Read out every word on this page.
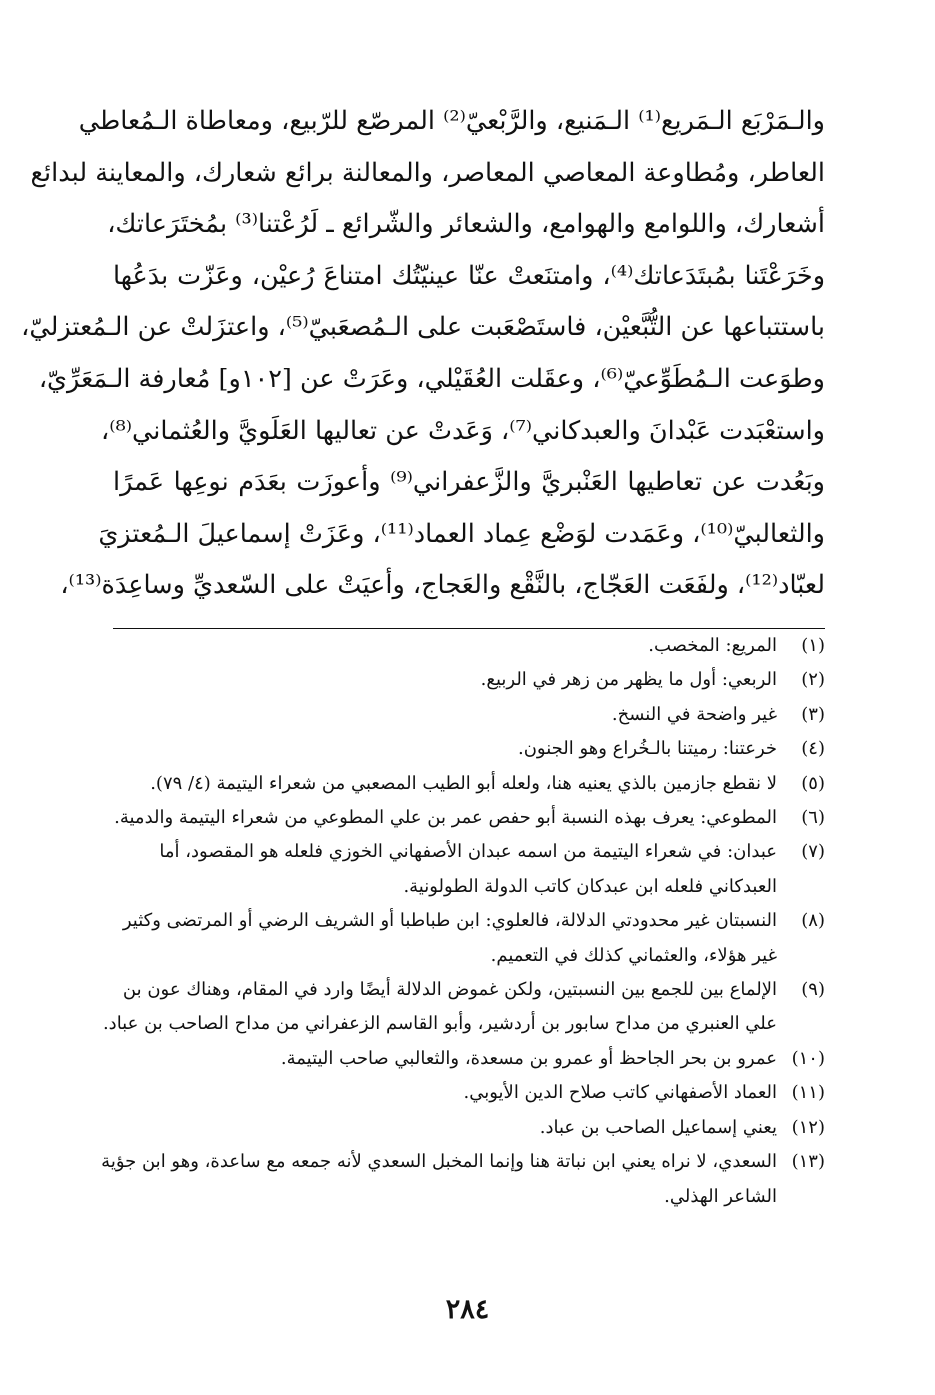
والـمَرْبَع الـمَريع⁽¹⁾ الـمَنيع، والرَّبْعيّ⁽²⁾ المرصّع للرّبيع، ومعاطاة الـمُعاطي
العاطر، ومُطاوعة المعاصي المعاصر، والمعالنة برائع شعارك، والمعاينة لبدائع
أشعارك، واللوامع والهوامع، والشعائر والشّرائع ـ لَرُعْتنا⁽³⁾ بمُختَرَعاتك،
وخَرَعْتَنا بمُبتَدَعاتك⁽⁴⁾، وامتنَعتْ عنّا عينيّتُك امتناعَ رُعيْن، وعَزّت بدَعُها
باستتباعها عن التُّبَّعيْن، فاستَصْعَبت على الـمُصعَبيّ⁽⁵⁾، واعتزَلتْ عن الـمُعتزليّ،
وطوَعت الـمُطَوِّعيّ⁽⁶⁾، وعقَلت العُقَيْلي، وعَرَتْ عن [١٠٢و] مُعارفة الـمَعَرِّيّ،
واستعْبَدت عَبْدانَ والعبدكاني⁽⁷⁾، وَعَدتْ عن تعاليها العَلَويَّ والعُثماني⁽⁸⁾،
وبَعُدت عن تعاطيها العَنْبريَّ والزَّعفراني⁽⁹⁾ وأعوزَت بعَدَم نوعِها عَمرًا
والثعالبيّ⁽¹⁰⁾، وعَمَدت لوَضْع عِماد العماد⁽¹¹⁾، وعَزَتْ إسماعيلَ الـمُعتزيَ
لعبّاد⁽¹²⁾، ولفَعَت العَجّاج، بالنَّقْع والعَجاج، وأعيَتْ على السّعديِّ وساعِدَة⁽¹³⁾،
(١)المريع: المخصب.
(٢)الربعي: أول ما يظهر من زهر في الربيع.
(٣)غير واضحة في النسخ.
(٤)خرعتنا: رميتنا بالـخُراع وهو الجنون.
(٥)لا نقطع جازمين بالذي يعنيه هنا، ولعله أبو الطيب المصعبي من شعراء اليتيمة (٤/ ٧٩).
(٦)المطوعي: يعرف بهذه النسبة أبو حفص عمر بن علي المطوعي من شعراء اليتيمة والدمية.
(٧)عبدان: في شعراء اليتيمة من اسمه عبدان الأصفهاني الخوزي فلعله هو المقصود، أما
العبدكاني فلعله ابن عبدكان كاتب الدولة الطولونية.
(٨)النسبتان غير محدودتي الدلالة، فالعلوي: ابن طباطبا أو الشريف الرضي أو المرتضى وكثير
غير هؤلاء، والعثماني كذلك في التعميم.
(٩)الإلماع بين للجمع بين النسبتين، ولكن غموض الدلالة أيضًا وارد في المقام، وهناك عون بن
علي العنبري من مداح سابور بن أردشير، وأبو القاسم الزعفراني من مداح الصاحب بن عباد.
(١٠)عمرو بن بحر الجاحظ أو عمرو بن مسعدة، والثعالبي صاحب اليتيمة.
(١١)العماد الأصفهاني كاتب صلاح الدين الأيوبي.
(١٢)يعني إسماعيل الصاحب بن عباد.
(١٣)السعدي، لا نراه يعني ابن نباتة هنا وإنما المخبل السعدي لأنه جمعه مع ساعدة، وهو ابن جؤية
الشاعر الهذلي.
٢٨٤
